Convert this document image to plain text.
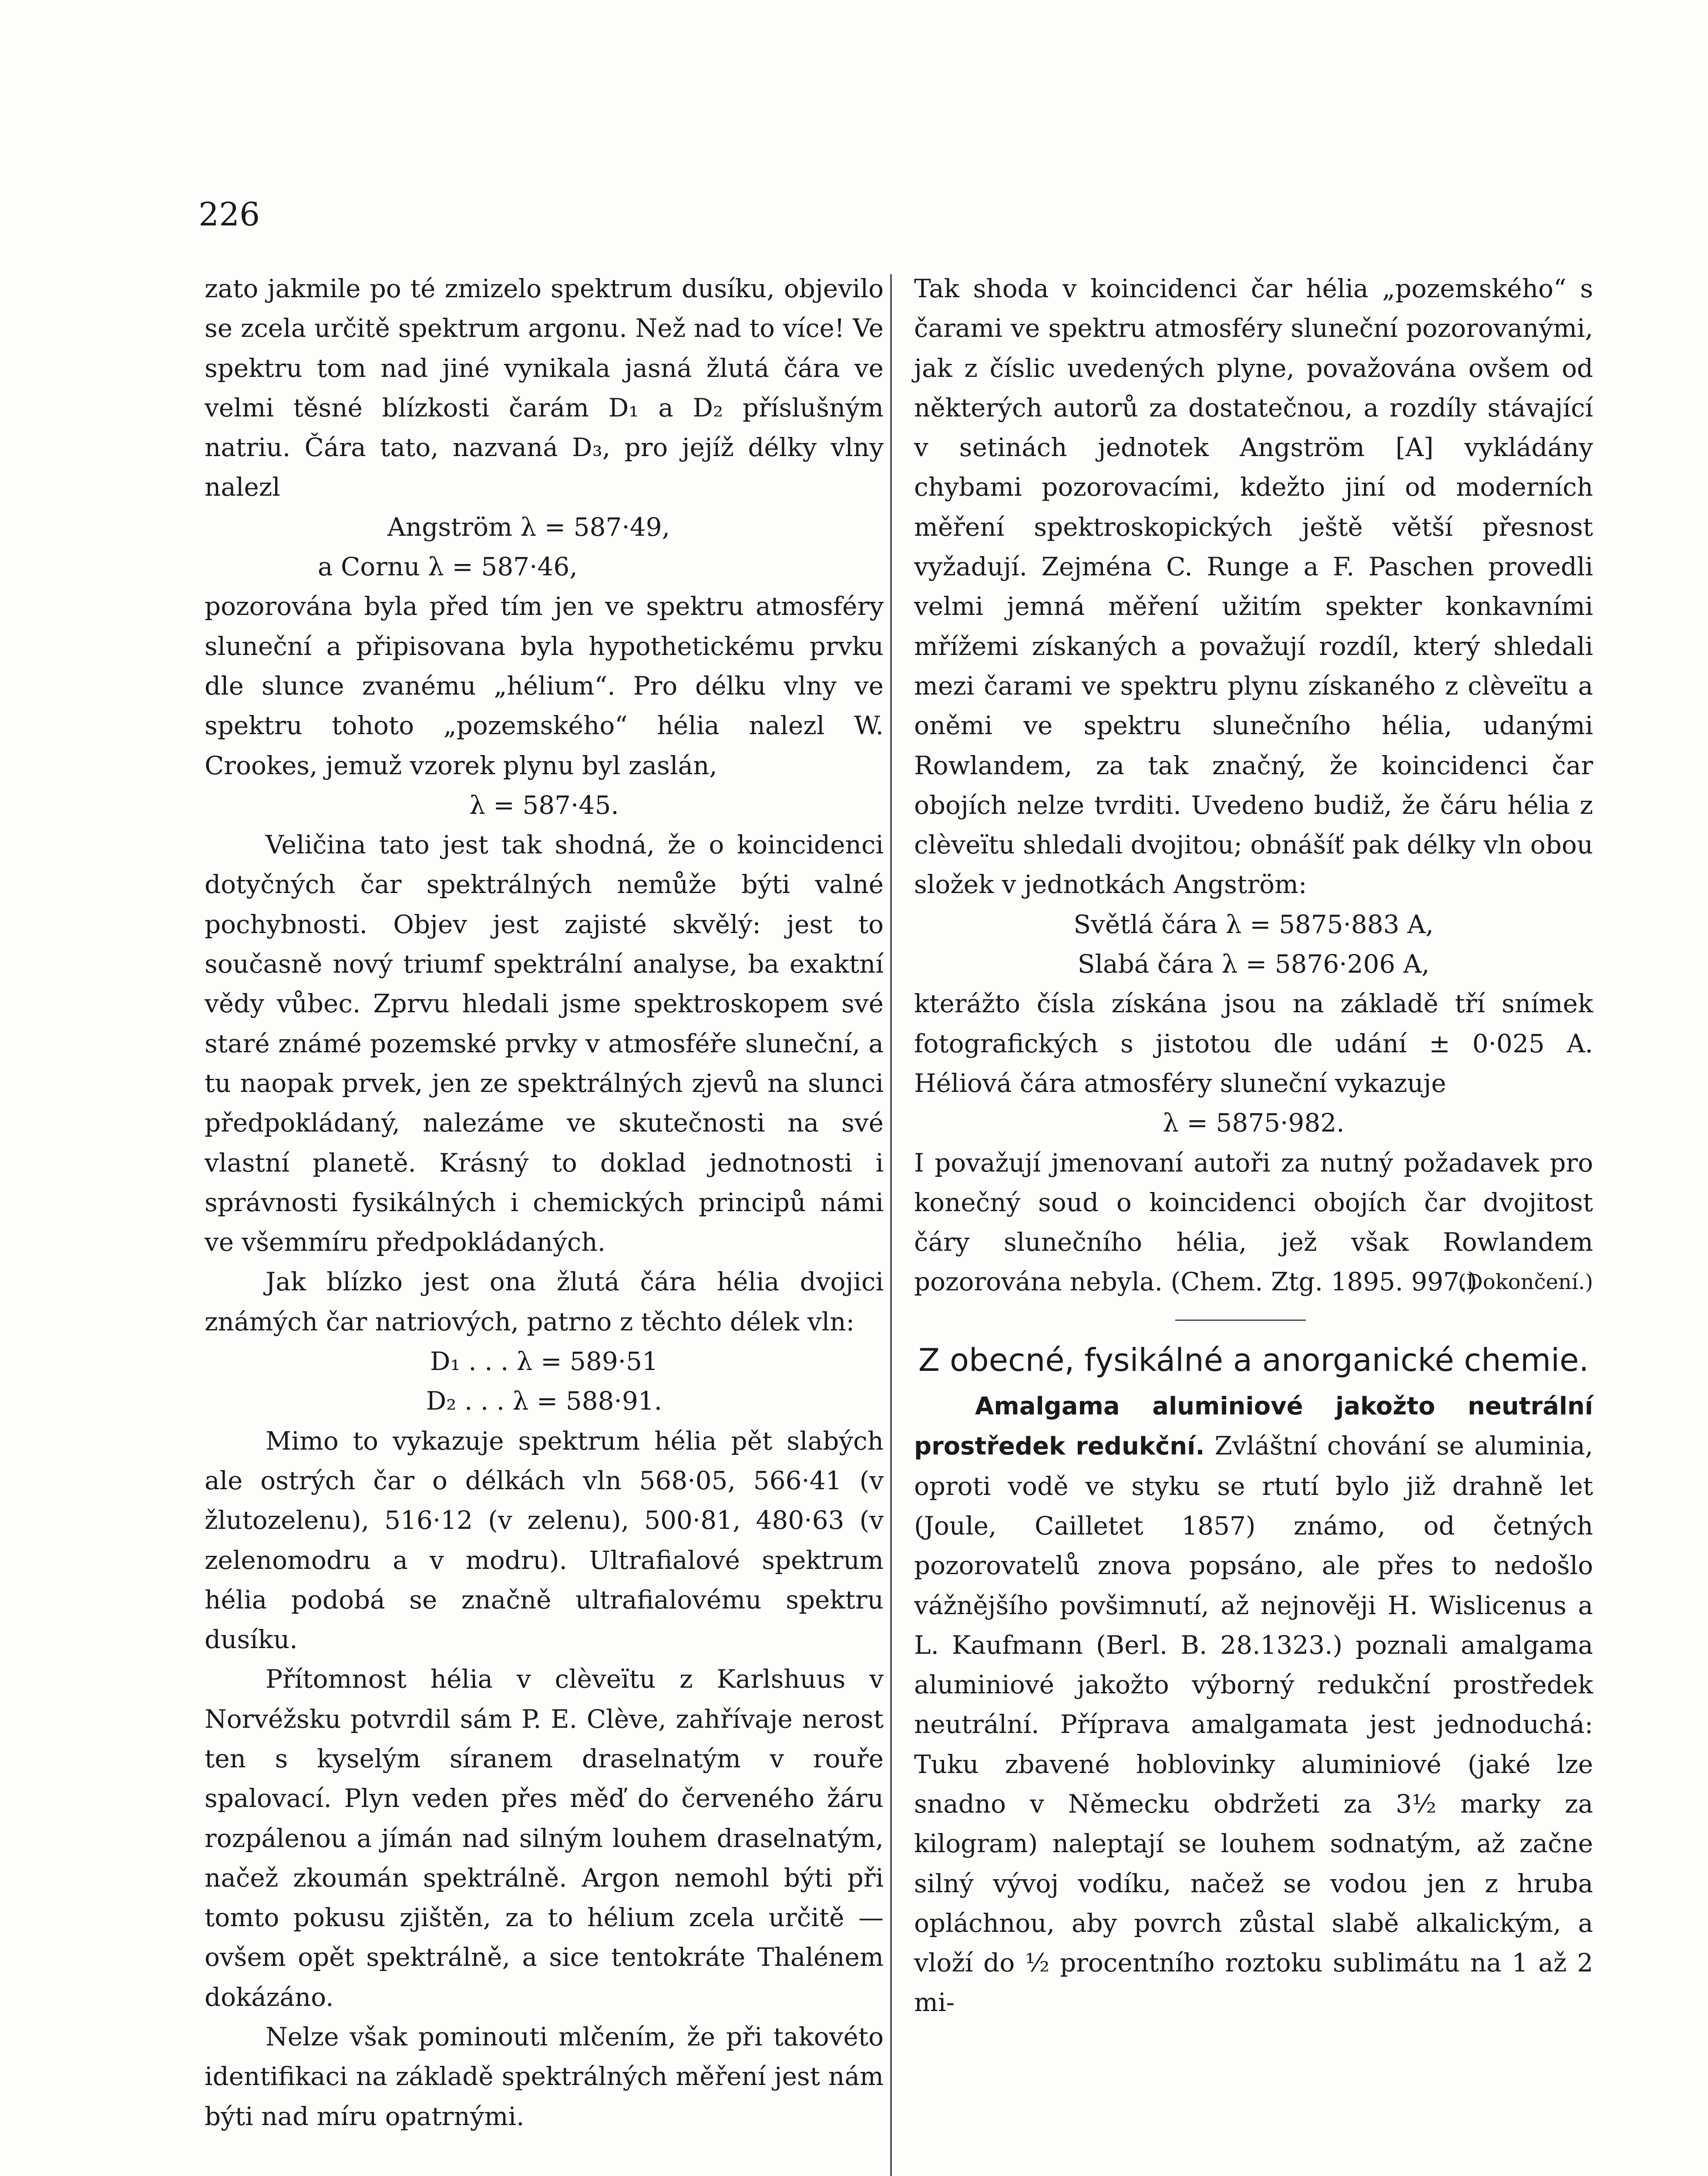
226

zato jakmile po té zmizelo spektrum dusíku, objevilo se zcela určitě spektrum argonu. Než nad to více! Ve spektru tom nad jiné vynikala jasná žlutá čára ve velmi těsné blízkosti čarám D₁ a D₂ příslušným natriu. Čára tato, nazvaná D₃, pro jejíž délky vlny nalezl

Angström λ = 587·49,

a Cornu λ = 587·46,

pozorována byla před tím jen ve spektru atmosféry sluneční a připisovana byla hypothetickému prvku dle slunce zvanému „hélium“. Pro délku vlny ve spektru tohoto „pozemského“ hélia nalezl W. Crookes, jemuž vzorek plynu byl zaslán,

λ = 587·45.

Veličina tato jest tak shodná, že o koincidenci dotyčných čar spektrálných nemůže býti valné pochybnosti. Objev jest zajisté skvělý: jest to současně nový triumf spektrální analyse, ba exaktní vědy vůbec. Zprvu hledali jsme spektroskopem své staré známé pozemské prvky v atmosféře sluneční, a tu naopak prvek, jen ze spektrálných zjevů na slunci předpokládaný, nalezáme ve skutečnosti na své vlastní planetě. Krásný to doklad jednotnosti i správnosti fysikálných i chemických principů námi ve všemmíru předpokládaných.

Jak blízko jest ona žlutá čára hélia dvojici známých čar natriových, patrno z těchto délek vln:

D₁ . . . λ = 589·51

D₂ . . . λ = 588·91.

Mimo to vykazuje spektrum hélia pět slabých ale ostrých čar o délkách vln 568·05, 566·41 (v žlutozelenu), 516·12 (v zelenu), 500·81, 480·63 (v zelenomodru a v modru). Ultrafialové spektrum hélia podobá se značně ultrafialovému spektru dusíku.

Přítomnost hélia v clèveïtu z Karlshuus v Norvéžsku potvrdil sám P. E. Clève, zahřívaje nerost ten s kyselým síranem draselnatým v rouře spalovací. Plyn veden přes měď do červeného žáru rozpálenou a jímán nad silným louhem draselnatým, načež zkoumán spektrálně. Argon nemohl býti při tomto pokusu zjištěn, za to hélium zcela určitě — ovšem opět spektrálně, a sice tentokráte Thalénem dokázáno.

Nelze však pominouti mlčením, že při takovéto identifikaci na základě spektrálných měření jest nám býti nad míru opatrnými.

Tak shoda v koincidenci čar hélia „pozemského“ s čarami ve spektru atmosféry sluneční pozorovanými, jak z číslic uvedených plyne, považována ovšem od některých autorů za dostatečnou, a rozdíly stávající v setinách jednotek Angström [A] vykládány chybami pozorovacími, kdežto jiní od moderních měření spektroskopických ještě větší přesnost vyžadují. Zejména C. Runge a F. Paschen provedli velmi jemná měření užitím spekter konkavními mřížemi získaných a považují rozdíl, který shledali mezi čarami ve spektru plynu získaného z clèveïtu a oněmi ve spektru slunečního hélia, udanými Rowlandem, za tak značný, že koincidenci čar obojích nelze tvrditi. Uvedeno budiž, že čáru hélia z clèveïtu shledali dvojitou; obnášíť pak délky vln obou složek v jednotkách Angström:

Světlá čára λ = 5875·883 A,

Slabá čára λ = 5876·206 A,

kterážto čísla získána jsou na základě tří snímek fotografických s jistotou dle udání ± 0·025 A. Héliová čára atmosféry sluneční vykazuje

λ = 5875·982.

I považují jmenovaní autoři za nutný požadavek pro konečný soud o koincidenci obojích čar dvojitost čáry slunečního hélia, jež však Rowlandem pozorována nebyla. (Chem. Ztg. 1895. 997.)

(Dokončení.)
Z obecné, fysikálné a anorganické chemie.

Amalgama aluminiové jakožto neutrální prostředek redukční. Zvláštní chování se aluminia, oproti vodě ve styku se rtutí bylo již drahně let (Joule, Cailletet 1857) známo, od četných pozorovatelů znova popsáno, ale přes to nedošlo vážnějšího povšimnutí, až nejnověji H. Wislicenus a L. Kaufmann (Berl. B. 28.1323.) poznali amalgama aluminiové jakožto výborný redukční prostředek neutrální. Příprava amalgamata jest jednoduchá: Tuku zbavené hoblovinky aluminiové (jaké lze snadno v Německu obdržeti za 3½ marky za kilogram) naleptají se louhem sodnatým, až začne silný vývoj vodíku, načež se vodou jen z hruba opláchnou, aby povrch zůstal slabě alkalickým, a vloží do ½ procentního roztoku sublimátu na 1 až 2 mi-
